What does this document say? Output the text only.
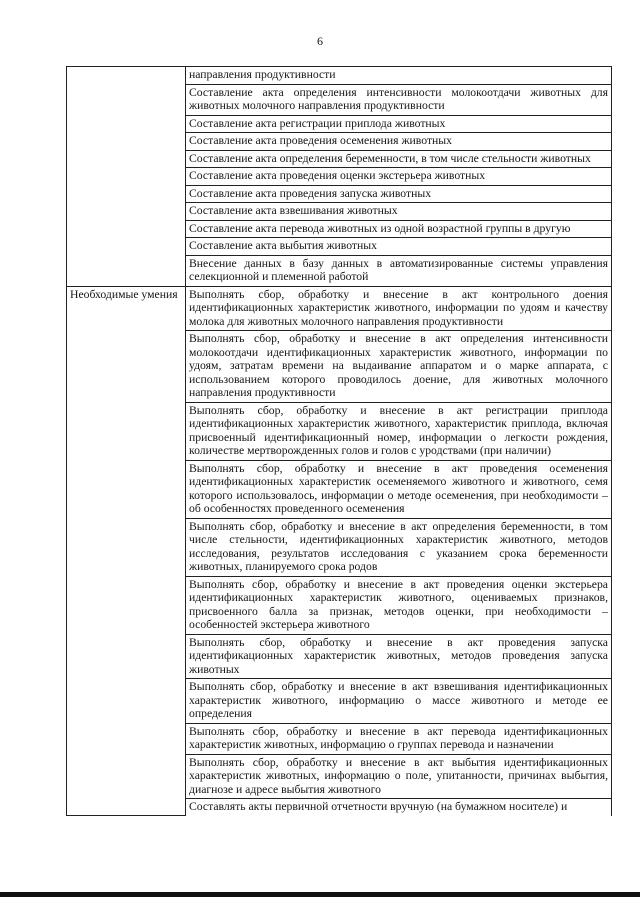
6
	направления продуктивности
	Составление акта определения интенсивности молокоотдачи животных для животных молочного направления продуктивности
	Составление акта регистрации приплода животных
	Составление акта проведения осеменения животных
	Составление акта определения беременности, в том числе стельности животных
	Составление акта проведения оценки экстерьера животных
	Составление акта проведения запуска животных
	Составление акта взвешивания животных
	Составление акта перевода животных из одной возрастной группы в другую
	Составление акта выбытия животных
	Внесение данных в базу данных в автоматизированные системы управления селекционной и племенной работой
Необходимые умения	Выполнять сбор, обработку и внесение в акт контрольного доения идентификационных характеристик животного, информации по удоям и качеству молока для животных молочного направления продуктивности
	Выполнять сбор, обработку и внесение в акт определения интенсивности молокоотдачи идентификационных характеристик животного, информации по удоям, затратам времени на выдаивание аппаратом и о марке аппарата, с использованием которого проводилось доение, для животных молочного направления продуктивности
	Выполнять сбор, обработку и внесение в акт регистрации приплода идентификационных характеристик животного, характеристик приплода, включая присвоенный идентификационный номер, информации о легкости рождения, количестве мертворожденных голов и голов с уродствами (при наличии)
	Выполнять сбор, обработку и внесение в акт проведения осеменения идентификационных характеристик осеменяемого животного и животного, семя которого использовалось, информации о методе осеменения, при необходимости – об особенностях проведенного осеменения
	Выполнять сбор, обработку и внесение в акт определения беременности, в том числе стельности, идентификационных характеристик животного, методов исследования, результатов исследования с указанием срока беременности животных, планируемого срока родов
	Выполнять сбор, обработку и внесение в акт проведения оценки экстерьера идентификационных характеристик животного, оцениваемых признаков, присвоенного балла за признак, методов оценки, при необходимости – особенностей экстерьера животного
	Выполнять сбор, обработку и внесение в акт проведения запуска идентификационных характеристик животных, методов проведения запуска животных
	Выполнять сбор, обработку и внесение в акт взвешивания идентификационных характеристик животного, информацию о массе животного и методе ее определения
	Выполнять сбор, обработку и внесение в акт перевода идентификационных характеристик животных, информацию о группах перевода и назначении
	Выполнять сбор, обработку и внесение в акт выбытия идентификационных характеристик животных, информацию о поле, упитанности, причинах выбытия, диагнозе и адресе выбытия животного
	Составлять акты первичной отчетности вручную (на бумажном носителе) и
